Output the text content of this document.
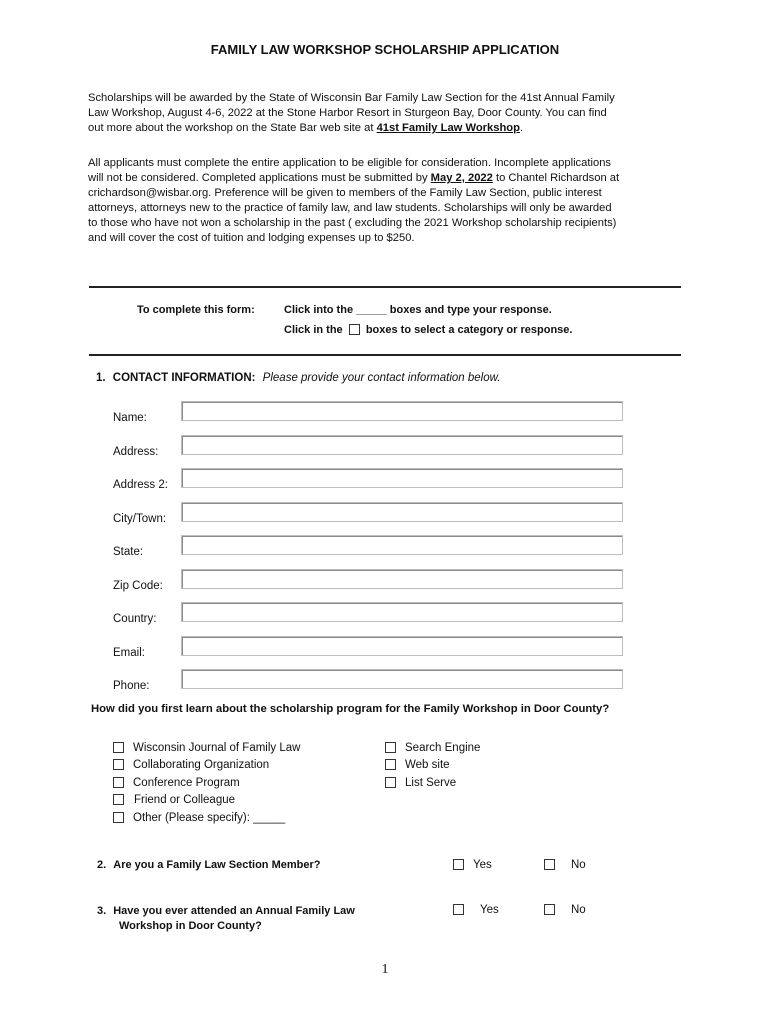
FAMILY LAW WORKSHOP SCHOLARSHIP APPLICATION
Scholarships will be awarded by the State of Wisconsin Bar Family Law Section for the 41st Annual Family
Law Workshop, August 4-6, 2022 at the Stone Harbor Resort in Sturgeon Bay, Door County. You can find
out more about the workshop on the State Bar web site at 41st Family Law Workshop.
All applicants must complete the entire application to be eligible for consideration. Incomplete applications
will not be considered. Completed applications must be submitted by May 2, 2022 to Chantel Richardson at
crichardson@wisbar.org. Preference will be given to members of the Family Law Section, public interest
attorneys, attorneys new to the practice of family law, and law students. Scholarships will only be awarded
to those who have not won a scholarship in the past ( excluding the 2021 Workshop scholarship recipients)
and will cover the cost of tuition and lodging expenses up to $250.
To complete this form:	Click into the _____ boxes and type your response.
Click in the boxes to select a category or response.
1. CONTACT INFORMATION: Please provide your contact information below.
Name:
Address:
Address 2:
City/Town:
State:
Zip Code:
Country:
Email:
Phone:
How did you first learn about the scholarship program for the Family Workshop in Door County?
Wisconsin Journal of Family Law
Collaborating Organization
Conference Program
Friend or Colleague
Other (Please specify): _____
Search Engine
Web site
List Serve
2. Are you a Family Law Section Member?	Yes	No
3. Have you ever attended an Annual Family Law
Workshop in Door County?
Yes	No
1
